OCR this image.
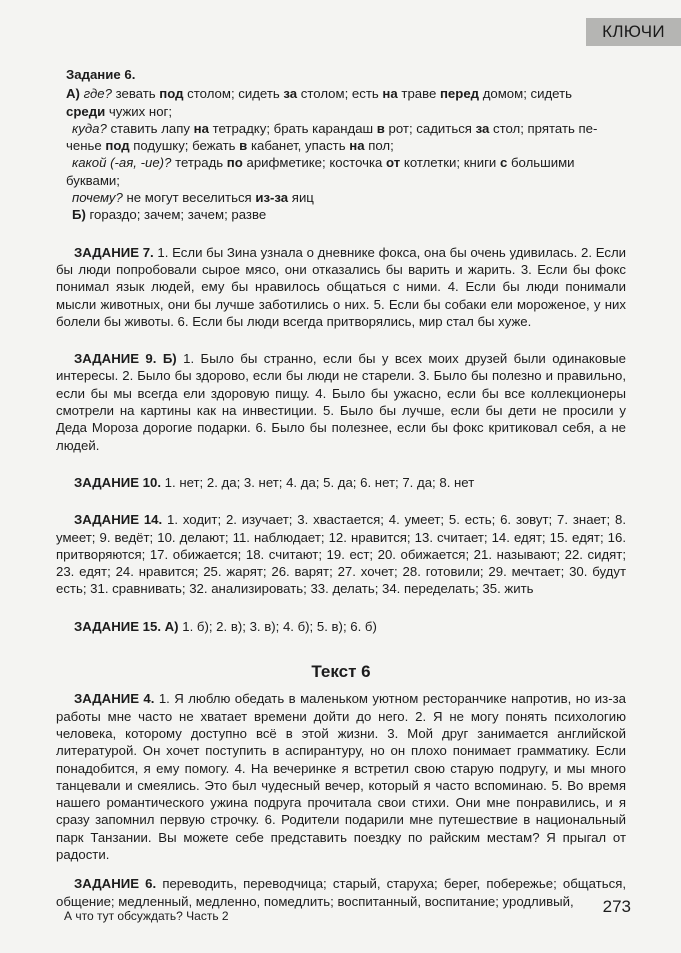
КЛЮЧИ
Задание 6.
А) где? зевать под столом; сидеть за столом; есть на траве перед домом; сидеть
среди чужих ног;
куда? ставить лапу на тетрадку; брать карандаш в рот; садиться за стол; прятать пе-
ченье под подушку; бежать в кабанет, упасть на пол;
какой (-ая, -ие)? тетрадь по арифметике; косточка от котлетки; книги с большими
буквами;
почему? не могут веселиться из-за яиц
Б) гораздо; зачем; зачем; разве
ЗАДАНИЕ 7. 1. Если бы Зина узнала о дневнике фокса, она бы очень удивилась. 2. Если бы люди попробовали сырое мясо, они отказались бы варить и жарить. 3. Если бы фокс понимал язык людей, ему бы нравилось общаться с ними. 4. Если бы люди понимали мысли животных, они бы лучше заботились о них. 5. Если бы собаки ели мороженое, у них болели бы животы. 6. Если бы люди всегда притворялись, мир стал бы хуже.
ЗАДАНИЕ 9. Б) 1. Было бы странно, если бы у всех моих друзей были одинаковые интересы. 2. Было бы здорово, если бы люди не старели. 3. Было бы полезно и правильно, если бы мы всегда ели здоровую пищу. 4. Было бы ужасно, если бы все коллекционеры смотрели на картины как на инвестиции. 5. Было бы лучше, если бы дети не просили у Деда Мороза дорогие подарки. 6. Было бы полезнее, если бы фокс критиковал себя, а не людей.
ЗАДАНИЕ 10. 1. нет; 2. да; 3. нет; 4. да; 5. да; 6. нет; 7. да; 8. нет
ЗАДАНИЕ 14. 1. ходит; 2. изучает; 3. хвастается; 4. умеет; 5. есть; 6. зовут; 7. знает; 8. умеет; 9. ведёт; 10. делают; 11. наблюдает; 12. нравится; 13. считает; 14. едят; 15. едят; 16. притворяются; 17. обижается; 18. считают; 19. ест; 20. обижается; 21. называют; 22. сидят; 23. едят; 24. нравится; 25. жарят; 26. варят; 27. хочет; 28. готовили; 29. мечтает; 30. будут есть; 31. сравнивать; 32. анализировать; 33. делать; 34. переделать; 35. жить
ЗАДАНИЕ 15. А) 1. б); 2. в); 3. в); 4. б); 5. в); 6. б)
Текст 6
ЗАДАНИЕ 4. 1. Я люблю обедать в маленьком уютном ресторанчике напротив, но из-за работы мне часто не хватает времени дойти до него. 2. Я не могу понять психологию человека, которому доступно всё в этой жизни. 3. Мой друг занимается английской литературой. Он хочет поступить в аспирантуру, но он плохо понимает грамматику. Если понадобится, я ему помогу. 4. На вечеринке я встретил свою старую подругу, и мы много танцевали и смеялись. Это был чудесный вечер, который я часто вспоминаю. 5. Во время нашего романтического ужина подруга прочитала свои стихи. Они мне понравились, и я сразу запомнил первую строчку. 6. Родители подарили мне путешествие в национальный парк Танзании. Вы можете себе представить поездку по райским местам? Я прыгал от радости.
ЗАДАНИЕ 6. переводить, переводчица; старый, старуха; берег, побережье; общаться, общение; медленный, медленно, помедлить; воспитанный, воспитание; уродливый,
А что тут обсуждать? Часть 2	273
